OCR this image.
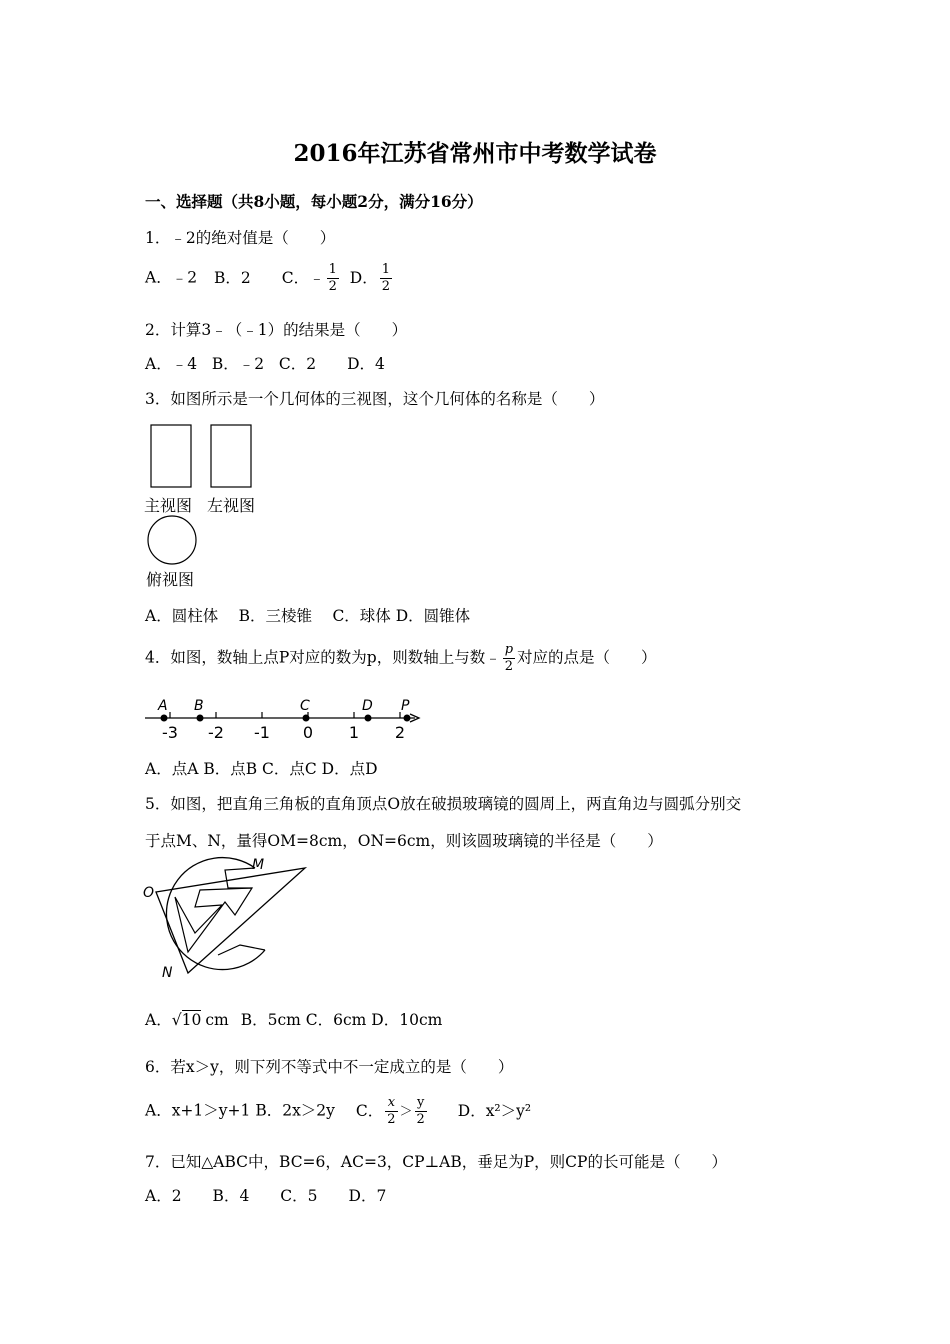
2016年江苏省常州市中考数学试卷
一、选择题（共8小题，每小题2分，满分16分）
1．﹣2的绝对值是（　　）
A．﹣2 B．2 C．﹣ $\frac{1}{2}$ D． $\frac{1}{2}$
2．计算3﹣（﹣1）的结果是（　　）
A．﹣4   B．﹣2   C．2　　D．4
3．如图所示是一个几何体的三视图，这个几何体的名称是（　　）
主视图 左视图
俯视图
A．圆柱体　 B．三棱锥　 C．球体 D．圆锥体
4．如图，数轴上点P对应的数为p，则数轴上与数﹣ $\frac{p}{2}$ 对应的点是（　　）
-3 -2 -1 0 1 2
A B	C	D P
A．点A B．点B C．点C D．点D
5．如图，把直角三角板的直角顶点O放在破损玻璃镜的圆周上，两直角边与圆弧分别交
于点M、N，量得OM=8cm，ON=6cm，则该圆玻璃镜的半径是（　　）
O
M
N
A．√10 cm B．5cm C．6cm D．10cm
6．若x＞y，则下列不等式中不一定成立的是（　　）
A．x+1＞y+1 B．2x＞2y C． $\frac{x}{2} > \frac{y}{2}$ D．x²＞y²
7．已知△ABC中，BC=6，AC=3，CP⊥AB，垂足为P，则CP的长可能是（　　）
A．2　　B．4　　C．5　　D．7
